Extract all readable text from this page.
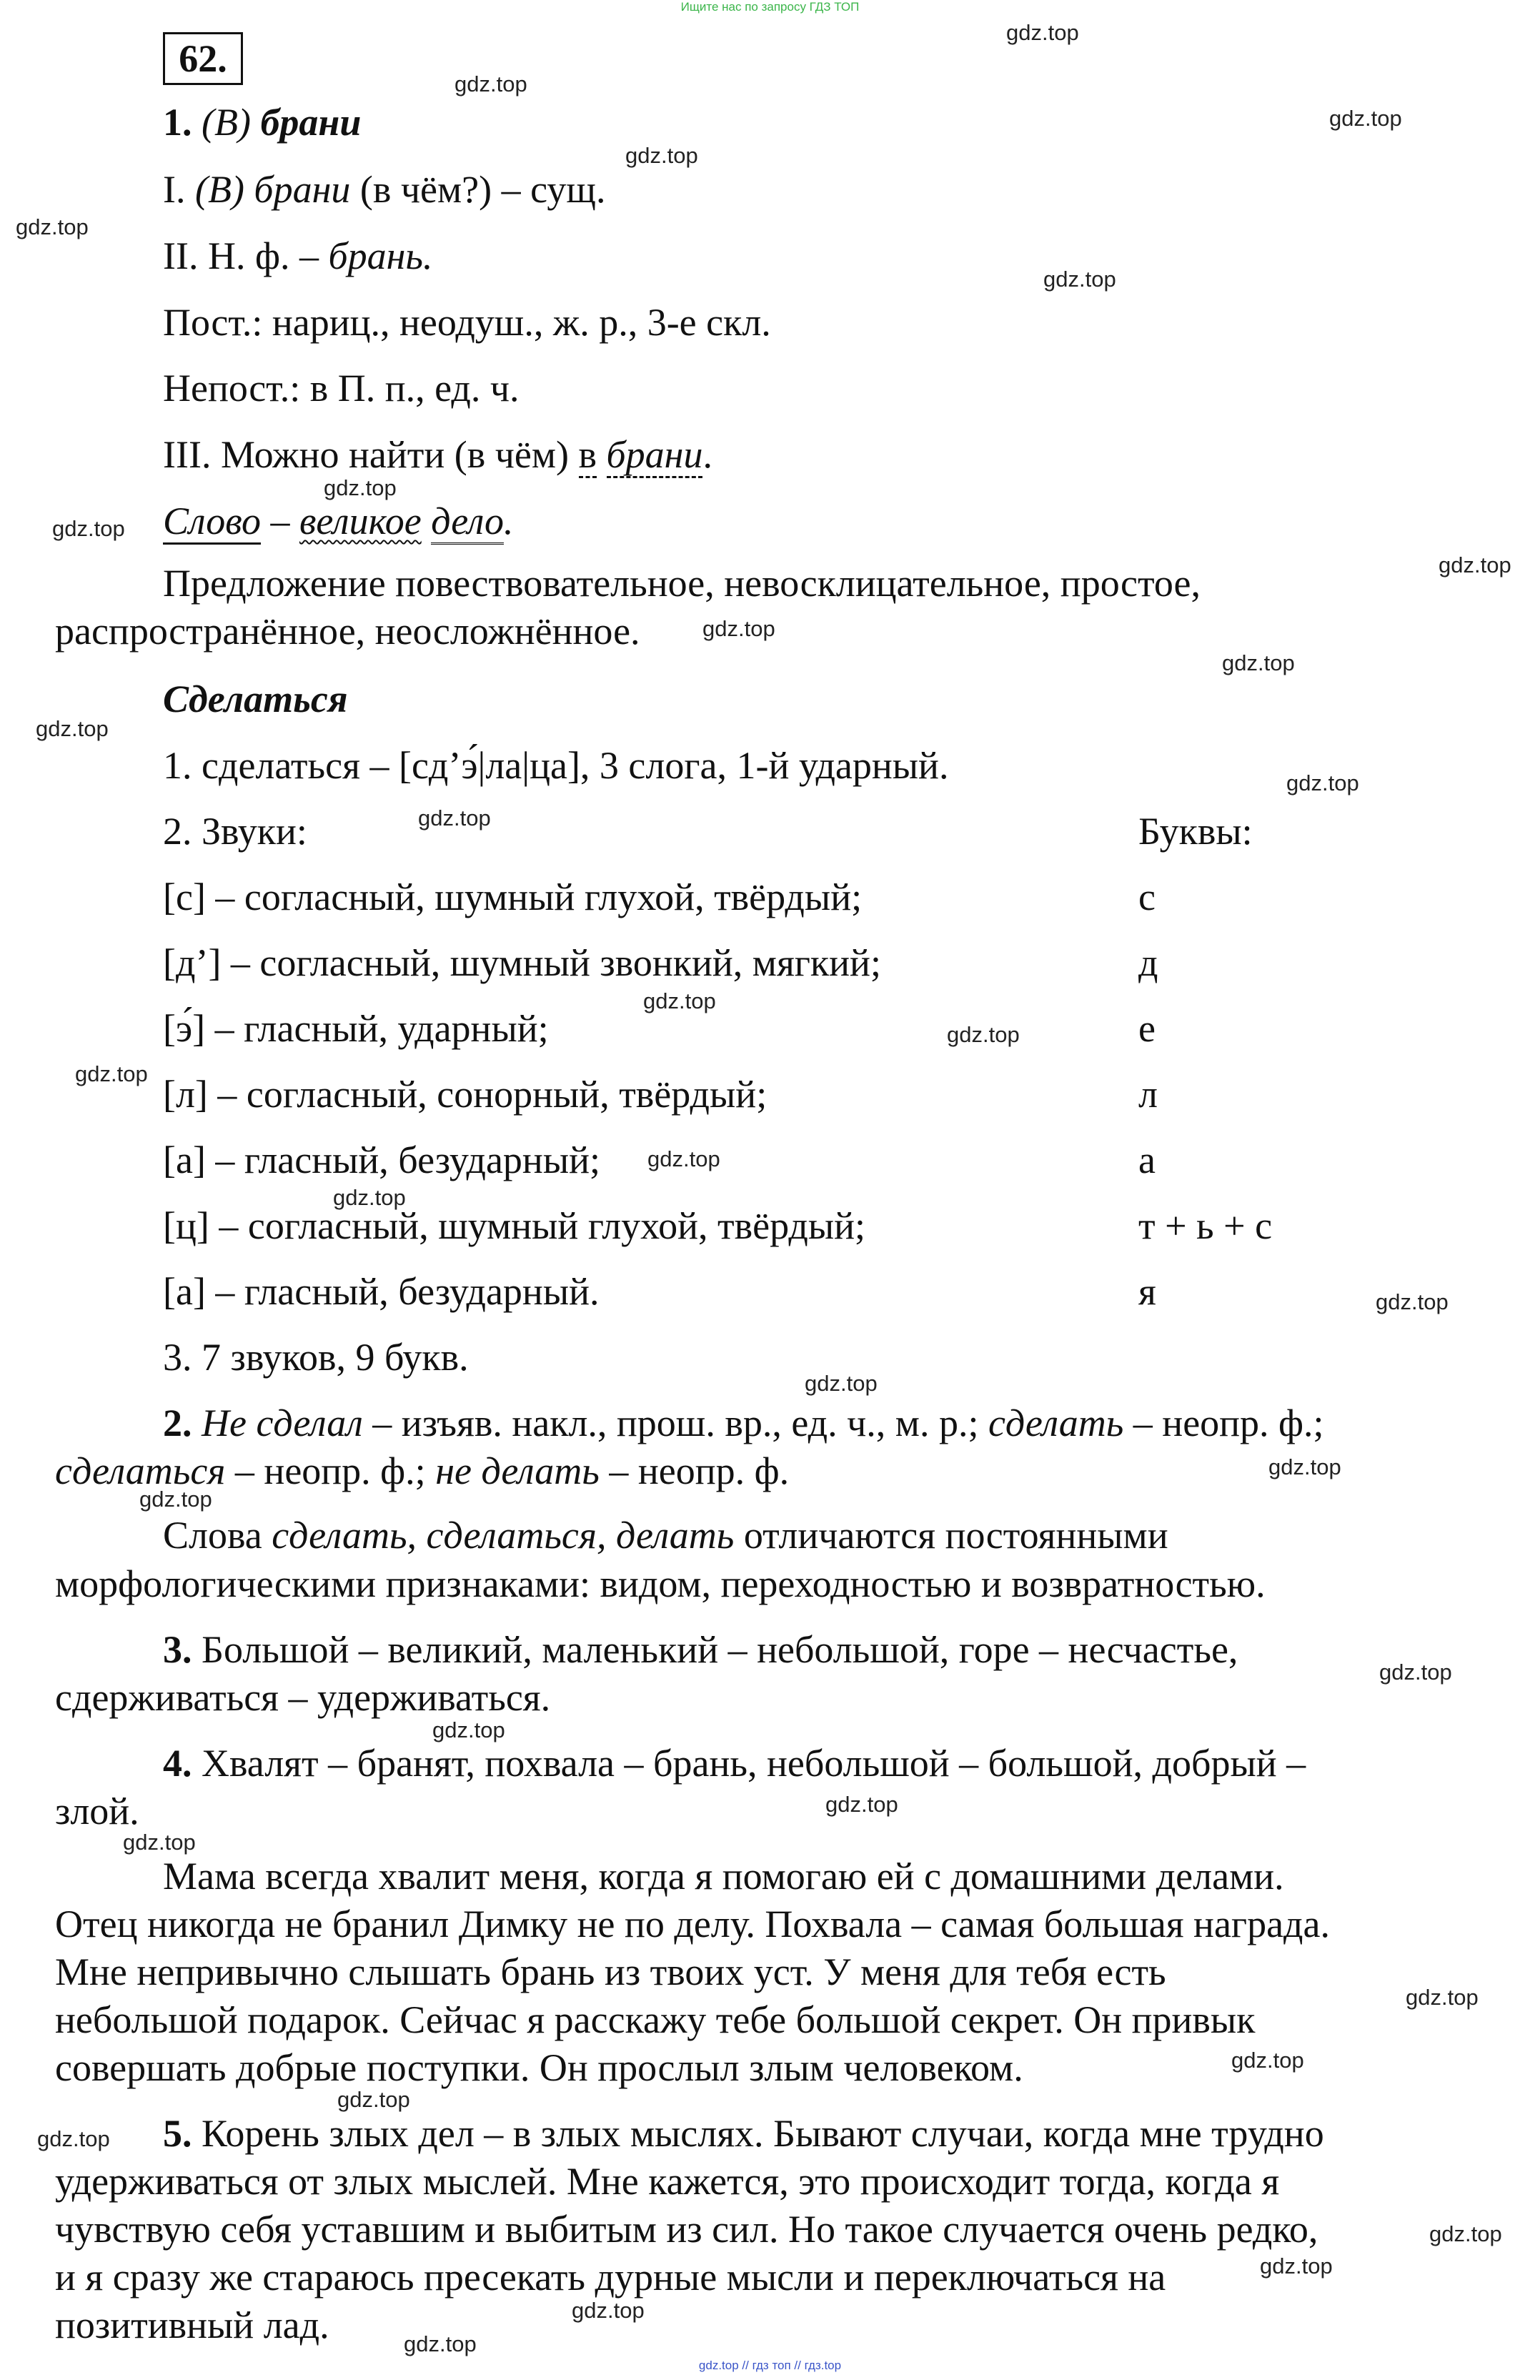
Ищите нас по запросу ГДЗ ТОП
62.
1. (В) брани
I. (В) брани (в чём?) – сущ.
II. Н. ф. – брань.
Пост.: нариц., неодуш., ж. р., 3-е скл.
Непост.: в П. п., ед. ч.
III. Можно найти (в чём) в брани.
Слово – великое дело.
Предложение повествовательное, невосклицательное, простое,
распространённое, неосложнённое.
Сделаться
1. сделаться – [сд’э́|ла|ца], 3 слога, 1-й ударный.
2. Звуки:	Буквы:
[с] – согласный, шумный глухой, твёрдый;	с
[д’] – согласный, шумный звонкий, мягкий;	д
[э́] – гласный, ударный;	е
[л] – согласный, сонорный, твёрдый;	л
[а] – гласный, безударный;	а
[ц] – согласный, шумный глухой, твёрдый;	т + ь + с
[а] – гласный, безударный.	я
3. 7 звуков, 9 букв.
2. Не сделал – изъяв. накл., прош. вр., ед. ч., м. р.; сделать – неопр. ф.;
сделаться – неопр. ф.; не делать – неопр. ф.
Слова сделать, сделаться, делать отличаются постоянными
морфологическими признаками: видом, переходностью и возвратностью.
3. Большой – великий, маленький – небольшой, горе – несчастье,
сдерживаться – удерживаться.
4. Хвалят – бранят, похвала – брань, небольшой – большой, добрый –
злой.
Мама всегда хвалит меня, когда я помогаю ей с домашними делами.
Отец никогда не бранил Димку не по делу. Похвала – самая большая награда.
Мне непривычно слышать брань из твоих уст. У меня для тебя есть
небольшой подарок. Сейчас я расскажу тебе большой секрет. Он привык
совершать добрые поступки. Он прослыл злым человеком.
5. Корень злых дел – в злых мыслях. Бывают случаи, когда мне трудно
удерживаться от злых мыслей. Мне кажется, это происходит тогда, когда я
чувствую себя уставшим и выбитым из сил. Но такое случается очень редко,
и я сразу же стараюсь пресекать дурные мысли и переключаться на
позитивный лад.
gdz.top
gdz.top
gdz.top
gdz.top
gdz.top
gdz.top
gdz.top
gdz.top
gdz.top
gdz.top
gdz.top
gdz.top
gdz.top
gdz.top
gdz.top
gdz.top
gdz.top
gdz.top
gdz.top
gdz.top
gdz.top
gdz.top
gdz.top
gdz.top
gdz.top
gdz.top
gdz.top
gdz.top
gdz.top
gdz.top
gdz.top
gdz.top
gdz.top
gdz.top
gdz.top
gdz.top // гдз топ // гдз.top
